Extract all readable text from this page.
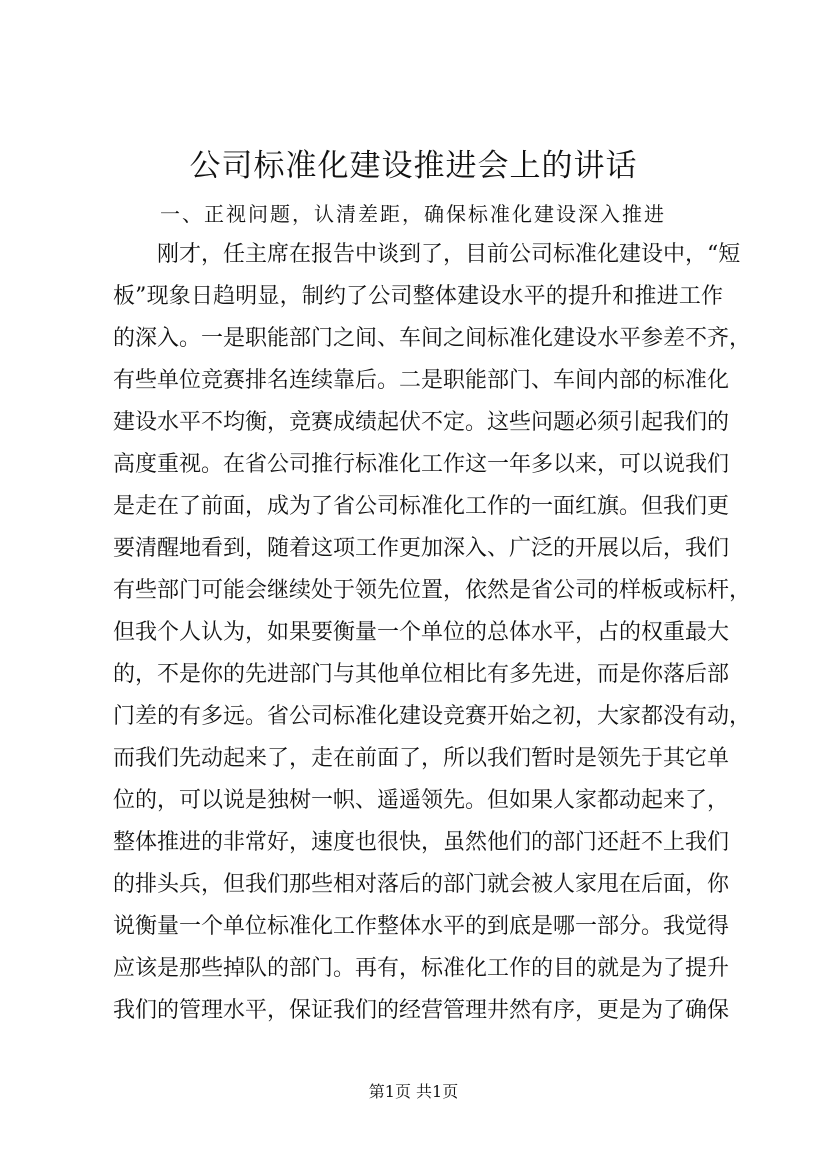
公司标准化建设推进会上的讲话
一、正视问题，认清差距，确保标准化建设深入推进
刚才，任主席在报告中谈到了，目前公司标准化建设中，“短
板”现象日趋明显，制约了公司整体建设水平的提升和推进工作
的深入。一是职能部门之间、车间之间标准化建设水平参差不齐，
有些单位竞赛排名连续靠后。二是职能部门、车间内部的标准化
建设水平不均衡，竞赛成绩起伏不定。这些问题必须引起我们的
高度重视。在省公司推行标准化工作这一年多以来，可以说我们
是走在了前面，成为了省公司标准化工作的一面红旗。但我们更
要清醒地看到，随着这项工作更加深入、广泛的开展以后，我们
有些部门可能会继续处于领先位置，依然是省公司的样板或标杆，
但我个人认为，如果要衡量一个单位的总体水平，占的权重最大
的，不是你的先进部门与其他单位相比有多先进，而是你落后部
门差的有多远。省公司标准化建设竞赛开始之初，大家都没有动，
而我们先动起来了，走在前面了，所以我们暂时是领先于其它单
位的，可以说是独树一帜、遥遥领先。但如果人家都动起来了，
整体推进的非常好，速度也很快，虽然他们的部门还赶不上我们
的排头兵，但我们那些相对落后的部门就会被人家甩在后面，你
说衡量一个单位标准化工作整体水平的到底是哪一部分。我觉得
应该是那些掉队的部门。再有，标准化工作的目的就是为了提升
我们的管理水平，保证我们的经营管理井然有序，更是为了确保
第1页 共1页
